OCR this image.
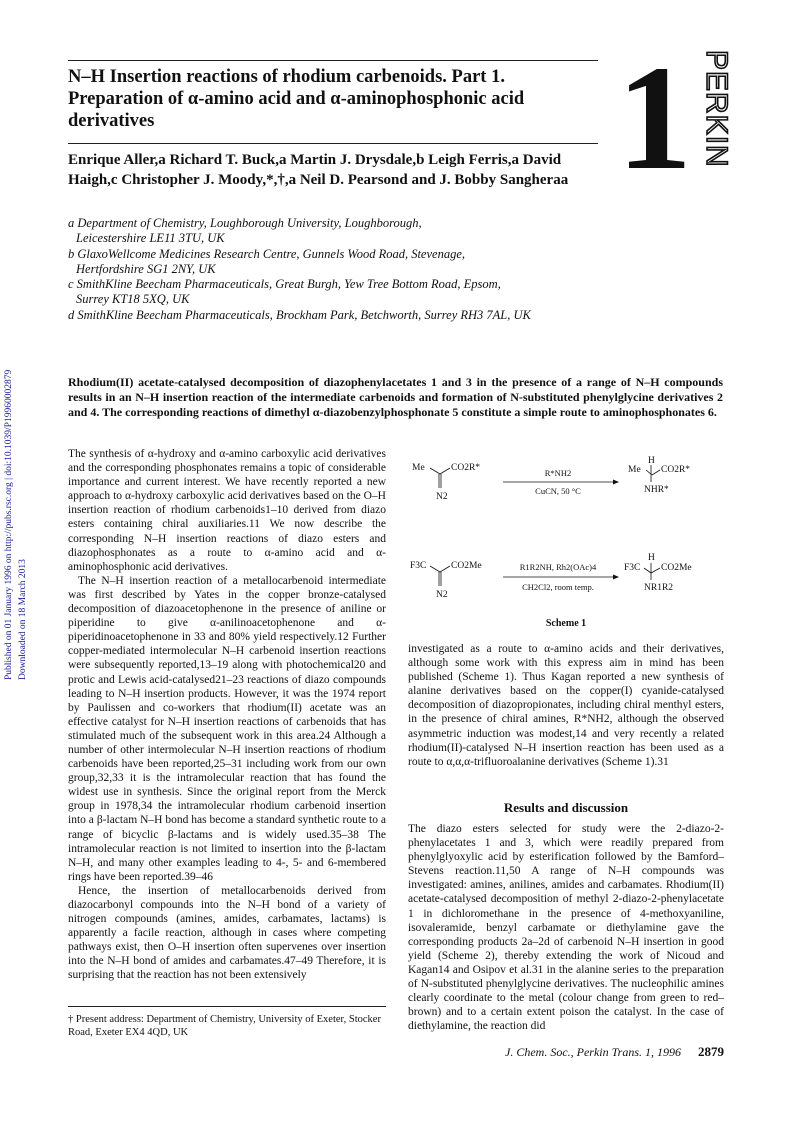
Published on 01 January 1996 on http://pubs.rsc.org | doi:10.1039/P19960002879 Downloaded on 18 March 2013
N–H Insertion reactions of rhodium carbenoids. Part 1. Preparation of α-amino acid and α-aminophosphonic acid derivatives	1 PERKIN
Enrique Aller,a Richard T. Buck,a Martin J. Drysdale,b Leigh Ferris,a David Haigh,c Christopher J. Moody,*,†,a Neil D. Pearsond and J. Bobby Sangheraa

a Department of Chemistry, Loughborough University, Loughborough,

Leicestershire LE11 3TU, UK

b GlaxoWellcome Medicines Research Centre, Gunnels Wood Road, Stevenage,

Hertfordshire SG1 2NY, UK

c SmithKline Beecham Pharmaceuticals, Great Burgh, Yew Tree Bottom Road, Epsom,

Surrey KT18 5XQ, UK

d SmithKline Beecham Pharmaceuticals, Brockham Park, Betchworth, Surrey RH3 7AL, UK

Rhodium(II) acetate-catalysed decomposition of diazophenylacetates 1 and 3 in the presence of a range of N–H compounds results in an N–H insertion reaction of the intermediate carbenoids and formation of N-substituted phenylglycine derivatives 2 and 4. The corresponding reactions of dimethyl α-diazobenzylphosphonate 5 constitute a simple route to aminophosphonates 6.

The synthesis of α-hydroxy and α-amino carboxylic acid derivatives and the corresponding phosphonates remains a topic of considerable importance and current interest. We have recently reported a new approach to α-hydroxy carboxylic acid derivatives based on the O–H insertion reaction of rhodium carbenoids1–10 derived from diazo esters containing chiral auxiliaries.11 We now describe the corresponding N–H insertion reactions of diazo esters and diazophosphonates as a route to α-amino acid and α-aminophosphonic acid derivatives.

The N–H insertion reaction of a metallocarbenoid intermediate was first described by Yates in the copper bronze-catalysed decomposition of diazoacetophenone in the presence of aniline or piperidine to give α-anilinoacetophenone and α-piperidinoacetophenone in 33 and 80% yield respectively.12 Further copper-mediated intermolecular N–H carbenoid insertion reactions were subsequently reported,13–19 along with photochemical20 and protic and Lewis acid-catalysed21–23 reactions of diazo compounds leading to N–H insertion products. However, it was the 1974 report by Paulissen and co-workers that rhodium(II) acetate was an effective catalyst for N–H insertion reactions of carbenoids that has stimulated much of the subsequent work in this area.24 Although a number of other intermolecular N–H insertion reactions of rhodium carbenoids have been reported,25–31 including work from our own group,32,33 it is the intramolecular reaction that has found the widest use in synthesis. Since the original report from the Merck group in 1978,34 the intramolecular rhodium carbenoid insertion into a β-lactam N–H bond has become a standard synthetic route to a range of bicyclic β-lactams and is widely used.35–38 The intramolecular reaction is not limited to insertion into the β-lactam N–H, and many other examples leading to 4-, 5- and 6-membered rings have been reported.39–46

Hence, the insertion of metallocarbenoids derived from diazocarbonyl compounds into the N–H bond of a variety of nitrogen compounds (amines, amides, carbamates, lactams) is apparently a facile reaction, although in cases where competing pathways exist, then O–H insertion often supervenes over insertion into the N–H bond of amides and carbamates.47–49 Therefore, it is surprising that the reaction has not been extensively

† Present address: Department of Chemistry, University of Exeter, Stocker Road, Exeter EX4 4QD, UK
Me	CO2R*
N2
R*NH2
CuCN, 50 °C
H
Me CO2R*
NHR*
F3C	CO2Me
N2
R1R2NH, Rh2(OAc)4
CH2Cl2, room temp.
H
F3C CO2Me
NR1R2
Scheme 1

investigated as a route to α-amino acids and their derivatives, although some work with this express aim in mind has been published (Scheme 1). Thus Kagan reported a new synthesis of alanine derivatives based on the copper(I) cyanide-catalysed decomposition of diazopropionates, including chiral menthyl esters, in the presence of chiral amines, R*NH2, although the observed asymmetric induction was modest,14 and very recently a related rhodium(II)-catalysed N–H insertion reaction has been used as a route to α,α,α-trifluoroalanine derivatives (Scheme 1).31

Results and discussion

The diazo esters selected for study were the 2-diazo-2-phenylacetates 1 and 3, which were readily prepared from phenylglyoxylic acid by esterification followed by the Bamford–Stevens reaction.11,50 A range of N–H compounds was investigated: amines, anilines, amides and carbamates. Rhodium(II) acetate-catalysed decomposition of methyl 2-diazo-2-phenylacetate 1 in dichloromethane in the presence of 4-methoxyaniline, isovaleramide, benzyl carbamate or diethylamine gave the corresponding products 2a–2d of carbenoid N–H insertion in good yield (Scheme 2), thereby extending the work of Nicoud and Kagan14 and Osipov et al.31 in the alanine series to the preparation of N-substituted phenylglycine derivatives. The nucleophilic amines clearly coordinate to the metal (colour change from green to red–brown) and to a certain extent poison the catalyst. In the case of diethylamine, the reaction did

J. Chem. Soc., Perkin Trans. 1, 1996 2879
